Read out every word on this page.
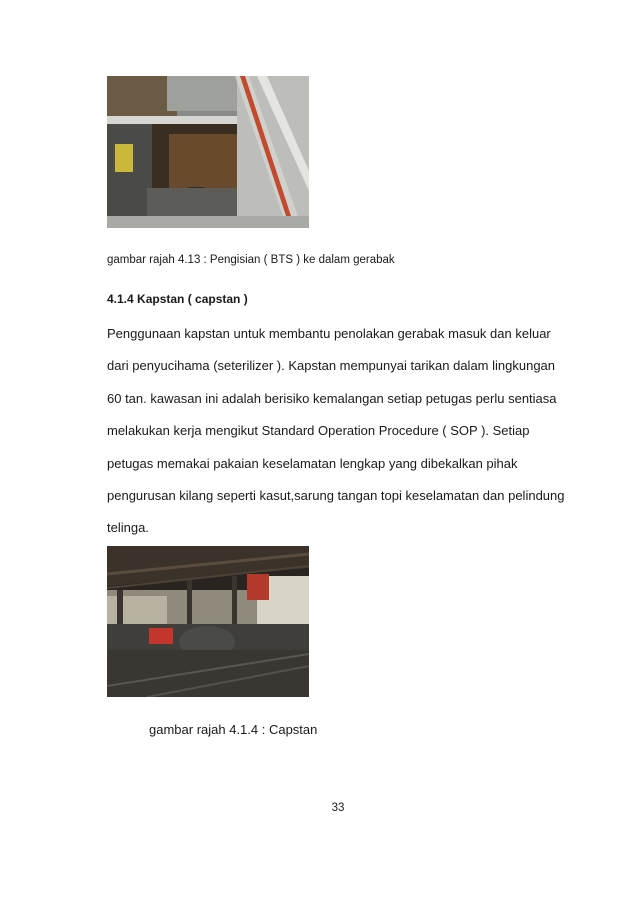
gambar rajah 4.13 : Pengisian ( BTS ) ke dalam gerabak
4.1.4 Kapstan ( capstan )
Penggunaan kapstan untuk membantu penolakan gerabak masuk dan keluar
dari penyucihama (seterilizer ). Kapstan mempunyai tarikan dalam lingkungan
60 tan. kawasan ini adalah berisiko kemalangan setiap petugas perlu sentiasa
melakukan kerja mengikut Standard Operation Procedure ( SOP ). Setiap
petugas memakai pakaian keselamatan lengkap yang dibekalkan pihak
pengurusan kilang seperti kasut,sarung tangan topi keselamatan dan pelindung
telinga.
gambar rajah 4.1.4 : Capstan
33
